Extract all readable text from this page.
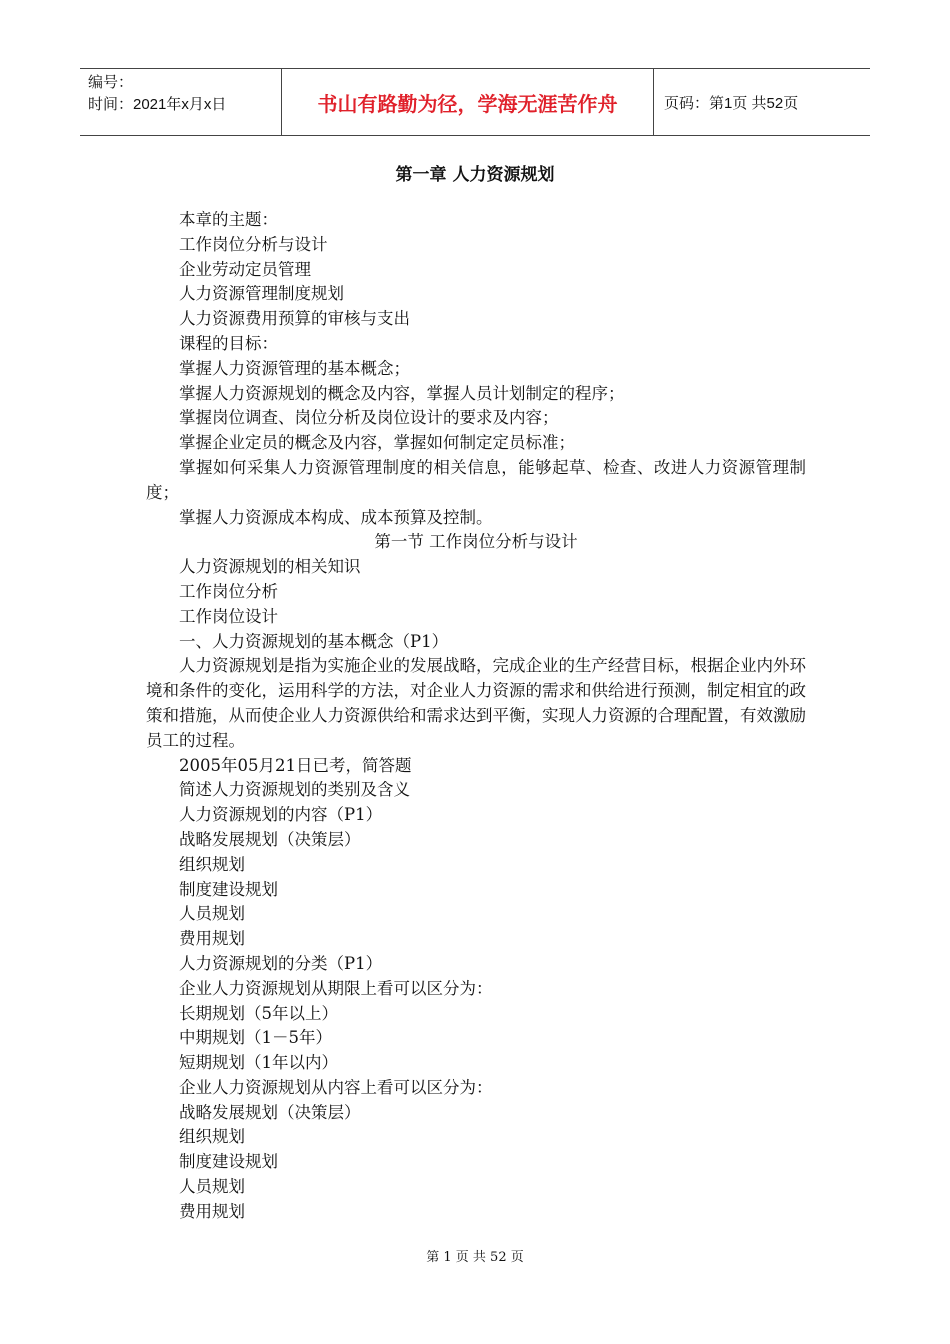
编号：
时间：2021年x月x日	书山有路勤为径，学海无涯苦作舟	页码：第1页 共52页
第一章 人力资源规划

本章的主题：

工作岗位分析与设计

企业劳动定员管理

人力资源管理制度规划

人力资源费用预算的审核与支出

课程的目标：

掌握人力资源管理的基本概念；

掌握人力资源规划的概念及内容，掌握人员计划制定的程序；

掌握岗位调查、岗位分析及岗位设计的要求及内容；

掌握企业定员的概念及内容，掌握如何制定定员标准；

掌握如何采集人力资源管理制度的相关信息，能够起草、检查、改进人力资源管理制度；

掌握人力资源成本构成、成本预算及控制。

第一节 工作岗位分析与设计

人力资源规划的相关知识

工作岗位分析

工作岗位设计

一、人力资源规划的基本概念（P1）

人力资源规划是指为实施企业的发展战略，完成企业的生产经营目标，根据企业内外环境和条件的变化，运用科学的方法，对企业人力资源的需求和供给进行预测，制定相宜的政策和措施，从而使企业人力资源供给和需求达到平衡，实现人力资源的合理配置，有效激励员工的过程。

2005年05月21日已考，简答题

简述人力资源规划的类别及含义

人力资源规划的内容（P1）

战略发展规划（决策层）

组织规划

制度建设规划

人员规划

费用规划

人力资源规划的分类（P1）

企业人力资源规划从期限上看可以区分为：

长期规划（5年以上）

中期规划（1－5年）

短期规划（1年以内）

企业人力资源规划从内容上看可以区分为：

战略发展规划（决策层）

组织规划

制度建设规划

人员规划

费用规划

第 1 页 共 52 页
